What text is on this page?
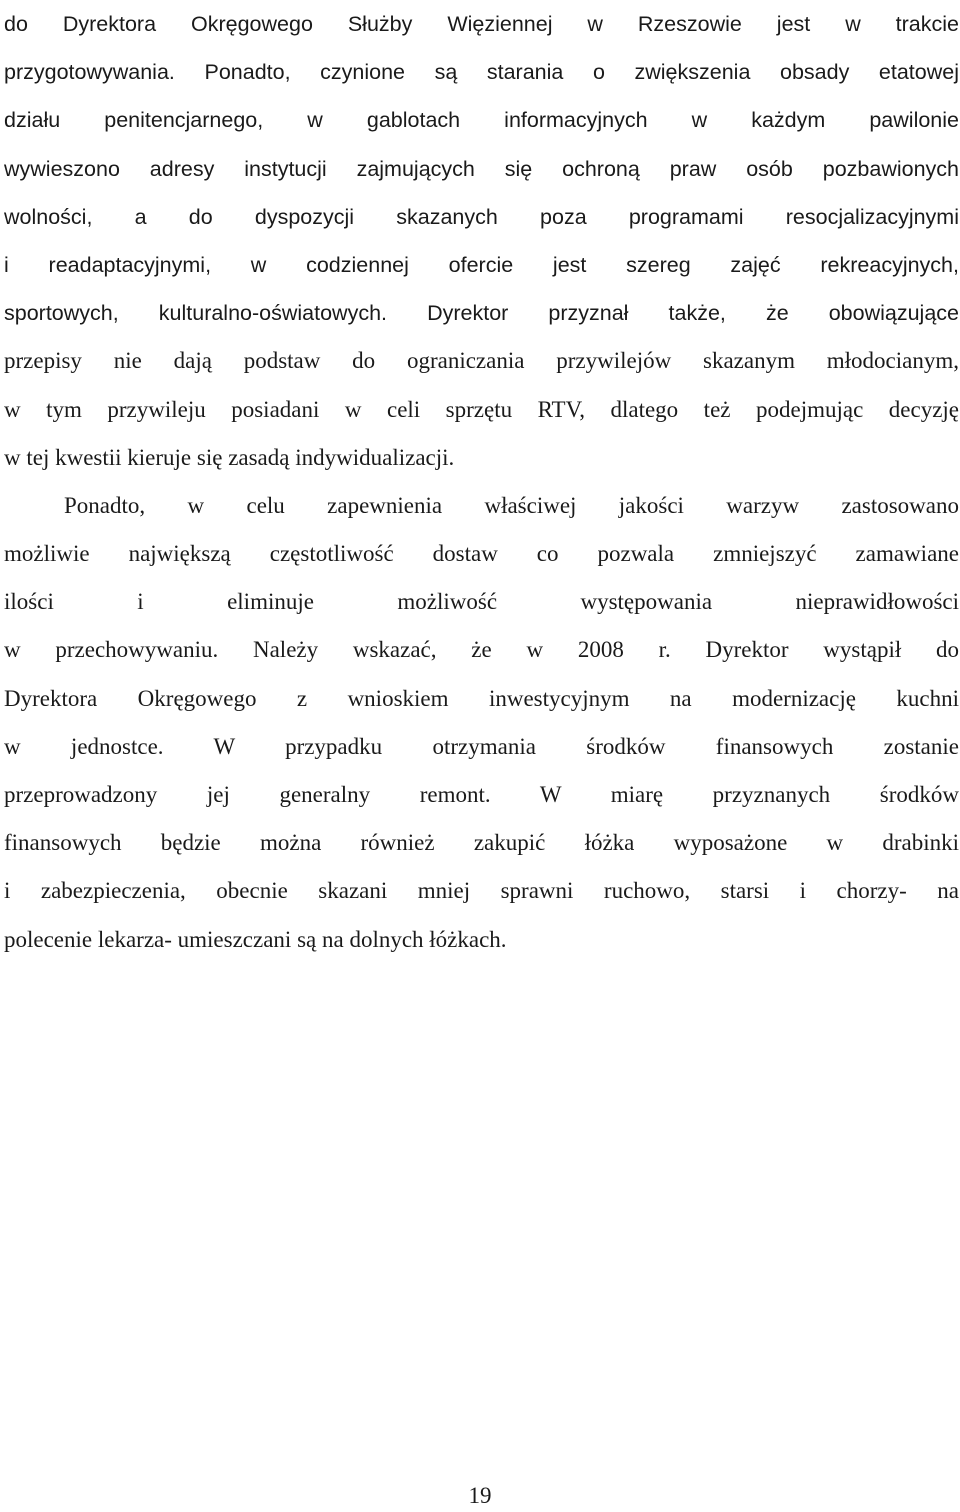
do Dyrektora Okręgowego Służby Więziennej w Rzeszowie jest w trakcie
przygotowywania. Ponadto, czynione są starania o zwiększenia obsady etatowej
działu penitencjarnego, w gablotach informacyjnych w każdym pawilonie
wywieszono adresy instytucji zajmujących się ochroną praw osób pozbawionych
wolności, a do dyspozycji skazanych poza programami resocjalizacyjnymi
i readaptacyjnymi, w codziennej ofercie jest szereg zajęć rekreacyjnych,
sportowych, kulturalno-oświatowych. Dyrektor przyznał także, że obowiązujące
przepisy nie dają podstaw do ograniczania przywilejów skazanym młodocianym,
w tym przywileju posiadani w celi sprzętu RTV, dlatego też podejmując decyzję
w tej kwestii kieruje się zasadą indywidualizacji.
Ponadto, w celu zapewnienia właściwej jakości warzyw zastosowano
możliwie największą częstotliwość dostaw co pozwala zmniejszyć zamawiane
ilości i eliminuje możliwość występowania nieprawidłowości
w przechowywaniu. Należy wskazać, że w 2008 r. Dyrektor wystąpił do
Dyrektora Okręgowego z wnioskiem inwestycyjnym na modernizację kuchni
w jednostce. W przypadku otrzymania środków finansowych zostanie
przeprowadzony jej generalny remont. W miarę przyznanych środków
finansowych będzie można również zakupić łóżka wyposażone w drabinki
i zabezpieczenia, obecnie skazani mniej sprawni ruchowo, starsi i chorzy- na
polecenie lekarza- umieszczani są na dolnych łóżkach.
19
